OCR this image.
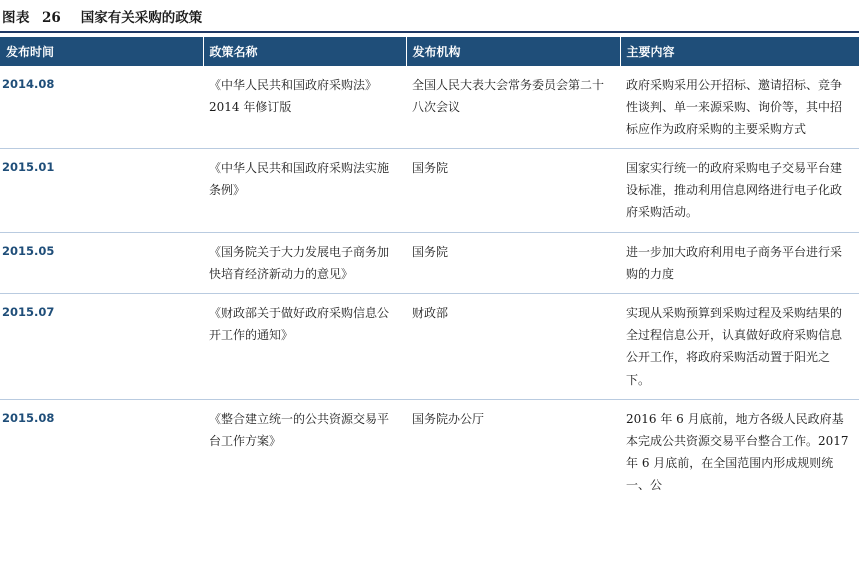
图表 26 国家有关采购的政策
发布时间	政策名称	发布机构	主要内容
2014.08	《中华人民共和国政府采购法》2014 年修订版	全国人民大表大会常务委员会第二十八次会议	政府采购采用公开招标、邀请招标、竞争性谈判、单一来源采购、询价等，其中招标应作为政府采购的主要采购方式
2015.01	《中华人民共和国政府采购法实施条例》	国务院	国家实行统一的政府采购电子交易平台建设标准，推动利用信息网络进行电子化政府采购活动。
2015.05	《国务院关于大力发展电子商务加快培育经济新动力的意见》	国务院	进一步加大政府利用电子商务平台进行采购的力度
2015.07	《财政部关于做好政府采购信息公开工作的通知》	财政部	实现从采购预算到采购过程及采购结果的全过程信息公开，认真做好政府采购信息公开工作，将政府采购活动置于阳光之下。
2015.08	《整合建立统一的公共资源交易平台工作方案》	国务院办公厅	2016 年 6 月底前，地方各级人民政府基本完成公共资源交易平台整合工作。2017 年 6 月底前，在全国范围内形成规则统一、公
